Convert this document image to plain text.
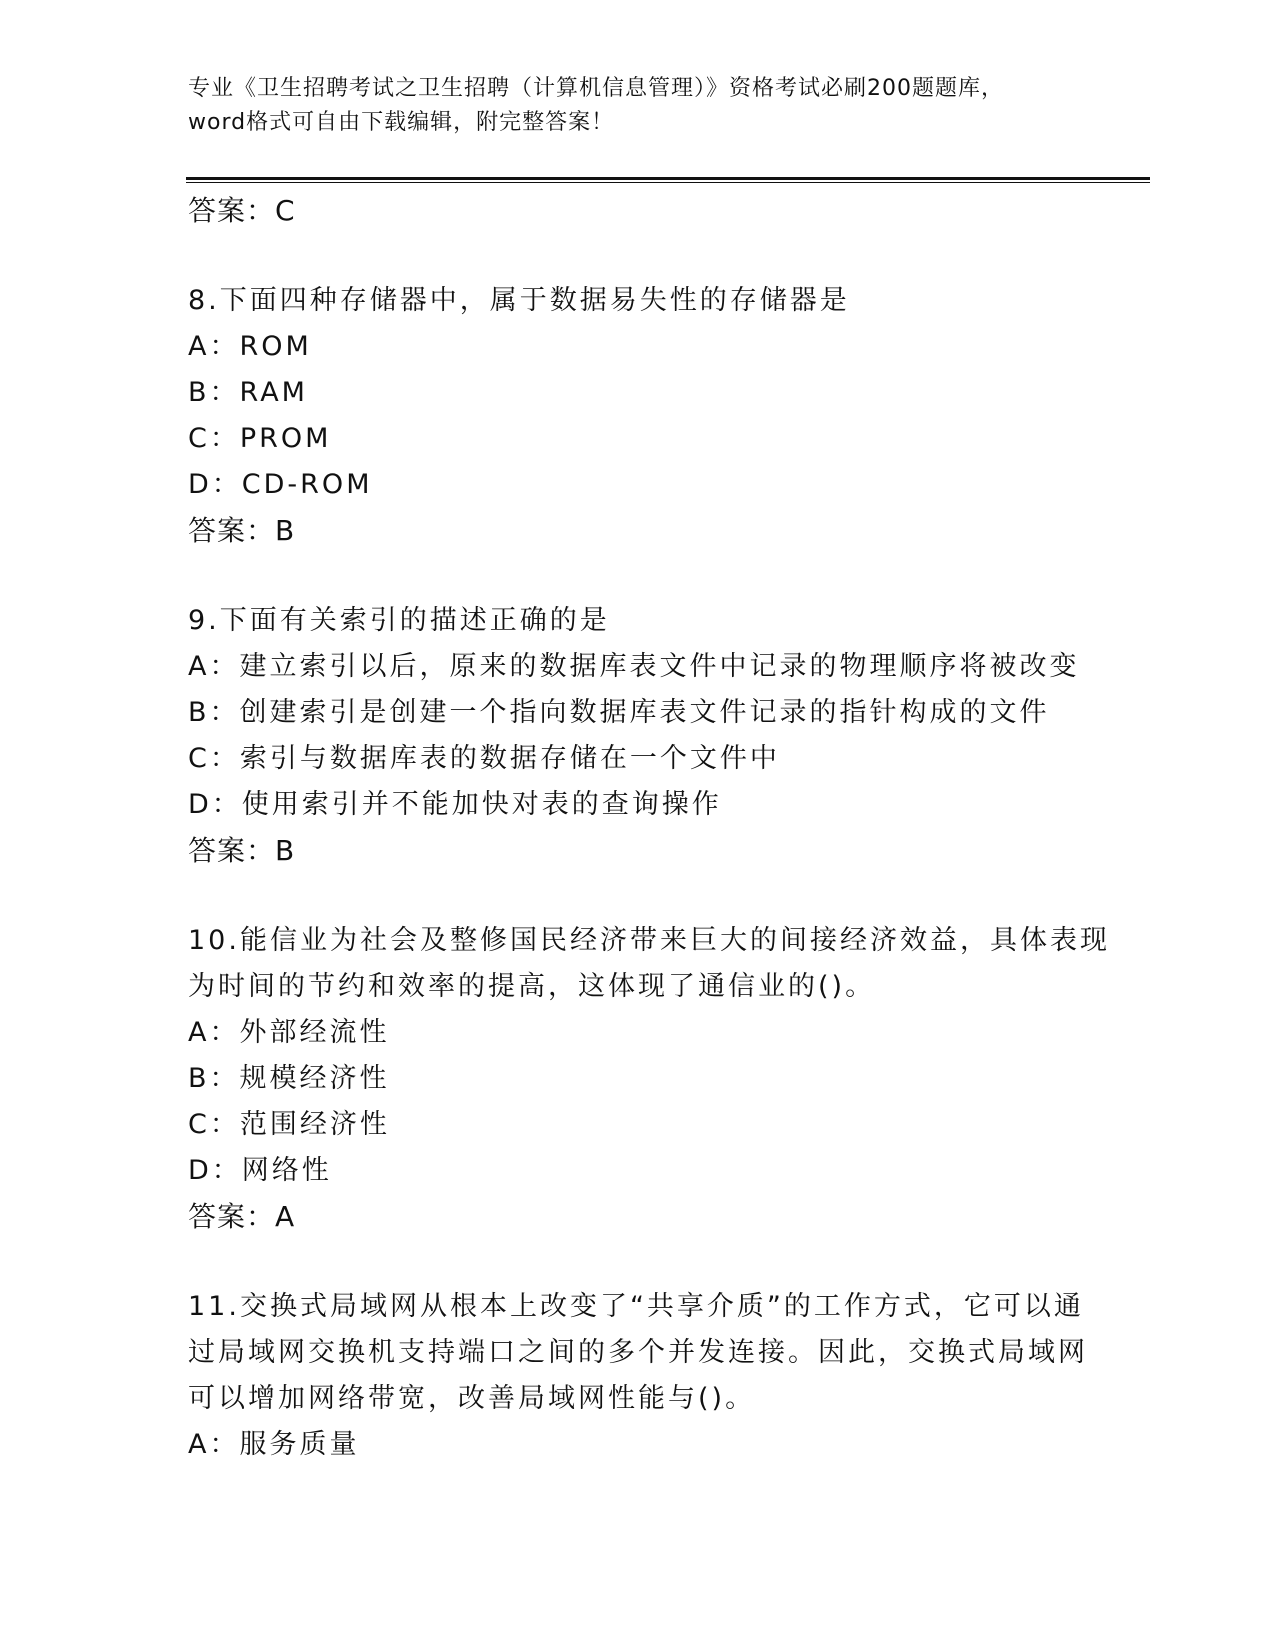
专业《卫生招聘考试之卫生招聘（计算机信息管理）》资格考试必刷200题题库，
word格式可自由下载编辑，附完整答案！
答案：C
8.下面四种存储器中，属于数据易失性的存储器是
A：ROM
B：RAM
C：PROM
D：CD-ROM
答案：B
9.下面有关索引的描述正确的是
A：建立索引以后，原来的数据库表文件中记录的物理顺序将被改变
B：创建索引是创建一个指向数据库表文件记录的指针构成的文件
C：索引与数据库表的数据存储在一个文件中
D：使用索引并不能加快对表的查询操作
答案：B
10.能信业为社会及整修国民经济带来巨大的间接经济效益，具体表现
为时间的节约和效率的提高，这体现了通信业的()。
A：外部经流性
B：规模经济性
C：范围经济性
D：网络性
答案：A
11.交换式局域网从根本上改变了“共享介质”的工作方式，它可以通
过局域网交换机支持端口之间的多个并发连接。因此，交换式局域网
可以增加网络带宽，改善局域网性能与()。
A：服务质量
